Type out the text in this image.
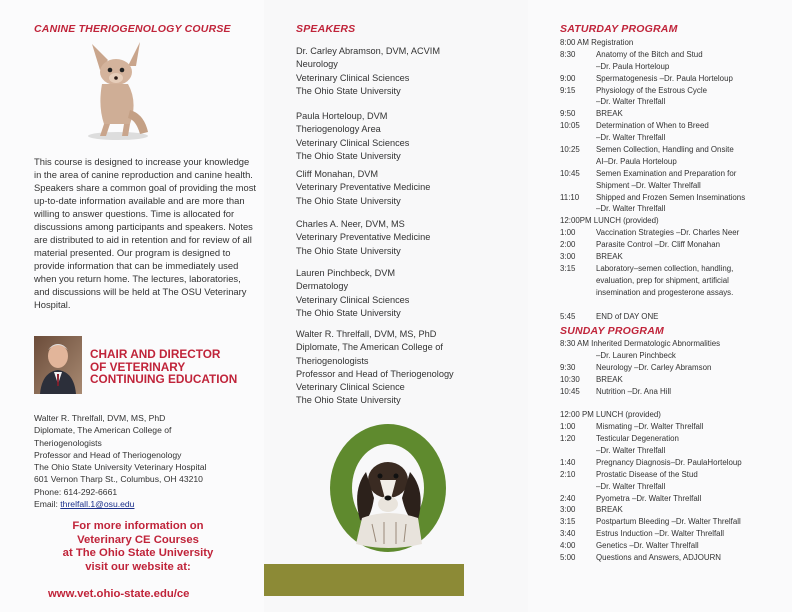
CANINE THERIOGENOLOGY COURSE
This course is designed to increase your knowledge in the area of canine reproduction and canine health. Speakers share a common goal of providing the most up-to-date information available and are more than willing to answer questions. Time is allocated for discussions among participants and speakers. Notes are distributed to aid in retention and for review of all material presented. Our program is designed to provide information that can be immediately used when you return home. The lectures, laboratories, and discussions will be held at The OSU Veterinary Hospital.
CHAIR AND DIRECTOR OF VETERINARY CONTINUING EDUCATION
Walter R. Threlfall, DVM, MS, PhD
Diplomate, The American College of
Theriogenologists
Professor and Head of Theriogenology
The Ohio State University Veterinary Hospital
601 Vernon Tharp St., Columbus, OH 43210
Phone: 614-292-6661
Email: threlfall.1@osu.edu
For more information on
Veterinary CE Courses
at The Ohio State University
visit our website at:
www.vet.ohio-state.edu/ce
SPEAKERS
Dr. Carley Abramson, DVM, ACVIM
Neurology
Veterinary Clinical Sciences
The Ohio State University
Paula Horteloup, DVM
Theriogenology Area
Veterinary Clinical Sciences
The Ohio State University
Cliff Monahan, DVM
Veterinary Preventative Medicine
The Ohio State University
Charles A. Neer, DVM, MS
Veterinary Preventative Medicine
The Ohio State University
Lauren Pinchbeck, DVM
Dermatology
Veterinary Clinical Sciences
The Ohio State University
Walter R. Threlfall, DVM, MS, PhD
Diplomate, The American College of
Theriogenologists
Professor and Head of Theriogenology
Veterinary Clinical Science
The Ohio State University
SATURDAY PROGRAM
SUNDAY PROGRAM
8:00 AM Registration
8:30	Anatomy of the Bitch and Stud
–Dr. Paula Horteloup
9:00	Spermatogenesis –Dr. Paula Horteloup
9:15	Physiology of the Estrous Cycle
–Dr. Walter Threlfall
9:50	BREAK
10:05 Determination of When to Breed
–Dr. Walter Threlfall
10:25 Semen Collection, Handling and Onsite
AI–Dr. Paula Horteloup
10:45 Semen Examination and Preparation for
Shipment –Dr. Walter Threlfall
11:10 Shipped and Frozen Semen Inseminations
–Dr. Walter Threlfall
12:00PM LUNCH (provided)
1:00	Vaccination Strategies –Dr. Charles Neer
2:00	Parasite Control –Dr. Cliff Monahan
3:00	BREAK
3:15	Laboratory–semen collection, handling,
evaluation, prep for shipment, artificial
insemination and progesterone assays.
5:45	END of DAY ONE
8:30 AM Inherited Dermatologic Abnormalities
–Dr. Lauren Pinchbeck
9:30	Neurology –Dr. Carley Abramson
10:30 BREAK
10:45 Nutrition –Dr. Ana Hill
12:00 PM LUNCH (provided)
1:00	Mismating –Dr. Walter Threlfall
1:20	Testicular Degeneration
–Dr. Walter Threlfall
1:40	Pregnancy Diagnosis–Dr. PaulaHorteloup
2:10	Prostatic Disease of the Stud
–Dr. Walter Threlfall
2:40	Pyometra –Dr. Walter Threlfall
3:00	BREAK
3:15	Postpartum Bleeding –Dr. Walter Threlfall
3:40	Estrus Induction –Dr. Walter Threlfall
4:00	Genetics –Dr. Walter Threlfall
5:00	Questions and Answers, ADJOURN
